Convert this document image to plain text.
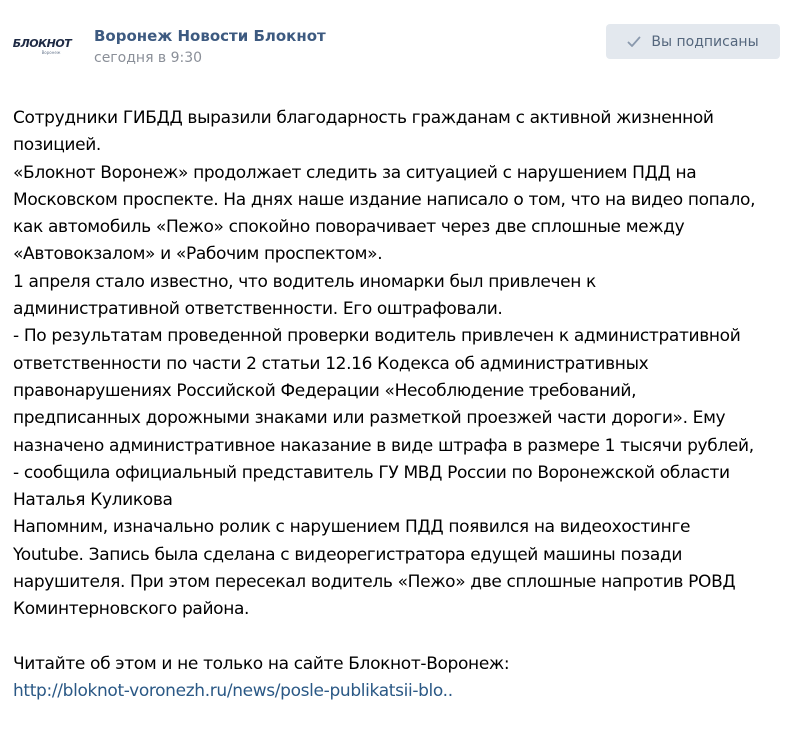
БЛОКНОТ
Воронеж
Воронеж Новости Блокнот
сегодня в 9:30
Вы подписаны
Сотрудники ГИБДД выразили благодарность гражданам с активной жизненной
позицией.
«Блокнот Воронеж» продолжает следить за ситуацией с нарушением ПДД на
Московском проспекте. На днях наше издание написало о том, что на видео попало,
как автомобиль «Пежо» спокойно поворачивает через две сплошные между
«Автовокзалом» и «Рабочим проспектом».
1 апреля стало известно, что водитель иномарки был привлечен к
административной ответственности. Его оштрафовали.
- По результатам проведенной проверки водитель привлечен к административной
ответственности по части 2 статьи 12.16 Кодекса об административных
правонарушениях Российской Федерации «Несоблюдение требований,
предписанных дорожными знаками или разметкой проезжей части дороги». Ему
назначено административное наказание в виде штрафа в размере 1 тысячи рублей,
- сообщила официальный представитель ГУ МВД России по Воронежской области
Наталья Куликова
Напомним, изначально ролик с нарушением ПДД появился на видеохостинге
Youtube. Запись была сделана с видеорегистратора едущей машины позади
нарушителя. При этом пересекал водитель «Пежо» две сплошные напротив РОВД
Коминтерновского района.
Читайте об этом и не только на сайте Блокнот-Воронеж:
http://bloknot-voronezh.ru/news/posle-publikatsii-blo..
